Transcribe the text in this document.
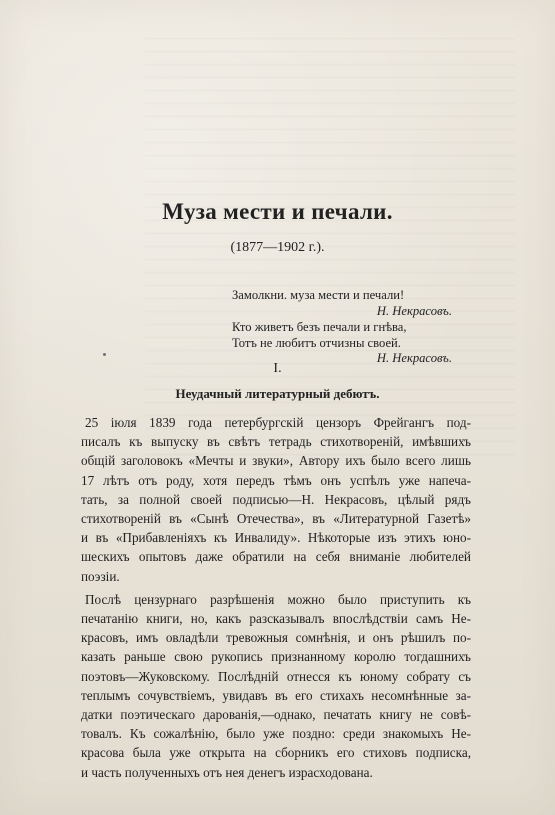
Муза мести и печали.
(1877—1902 г.).
Замолкни. муза мести и печали!
Н. Некрасовъ.
Кто живетъ безъ печали и гнѣва,
Тотъ не любитъ отчизны своей.
Н. Некрасовъ.
I.
Неудачный литературный дебютъ.
25 іюля 1839 года петербургскій цензоръ Фрейгангъ под-
писалъ къ выпуску въ свѣтъ тетрадь стихотвореній, имѣвшихъ
общій заголовокъ «Мечты и звуки», Автору ихъ было всего лишь
17 лѣтъ отъ роду, хотя передъ тѣмъ онъ успѣлъ уже напеча-
тать, за полной своей подписью—Н. Некрасовъ, цѣлый рядъ
стихотвореній въ «Сынѣ Отечества», въ «Литературной Газетѣ»
и въ «Прибавленіяхъ къ Инвалиду». Нѣкоторые изъ этихъ юно-
шескихъ опытовъ даже обратили на себя вниманіе любителей
поэзіи.
Послѣ цензурнаго разрѣшенія можно было приступить къ
печатанію книги, но, какъ разсказывалъ впослѣдствіи самъ Не-
красовъ, имъ овладѣли тревожныя сомнѣнія, и онъ рѣшилъ по-
казать раньше свою рукопись признанному королю тогдашнихъ
поэтовъ—Жуковскому. Послѣдній отнесся къ юному собрату съ
теплымъ сочувствіемъ, увидавъ въ его стихахъ несомнѣнные за-
датки поэтическаго дарованія,—однако, печатать книгу не совѣ-
товалъ. Къ сожалѣнію, было уже поздно: среди знакомыхъ Не-
красова была уже открыта на сборникъ его стиховъ подписка,
и часть полученныхъ отъ нея денегъ израсходована.
